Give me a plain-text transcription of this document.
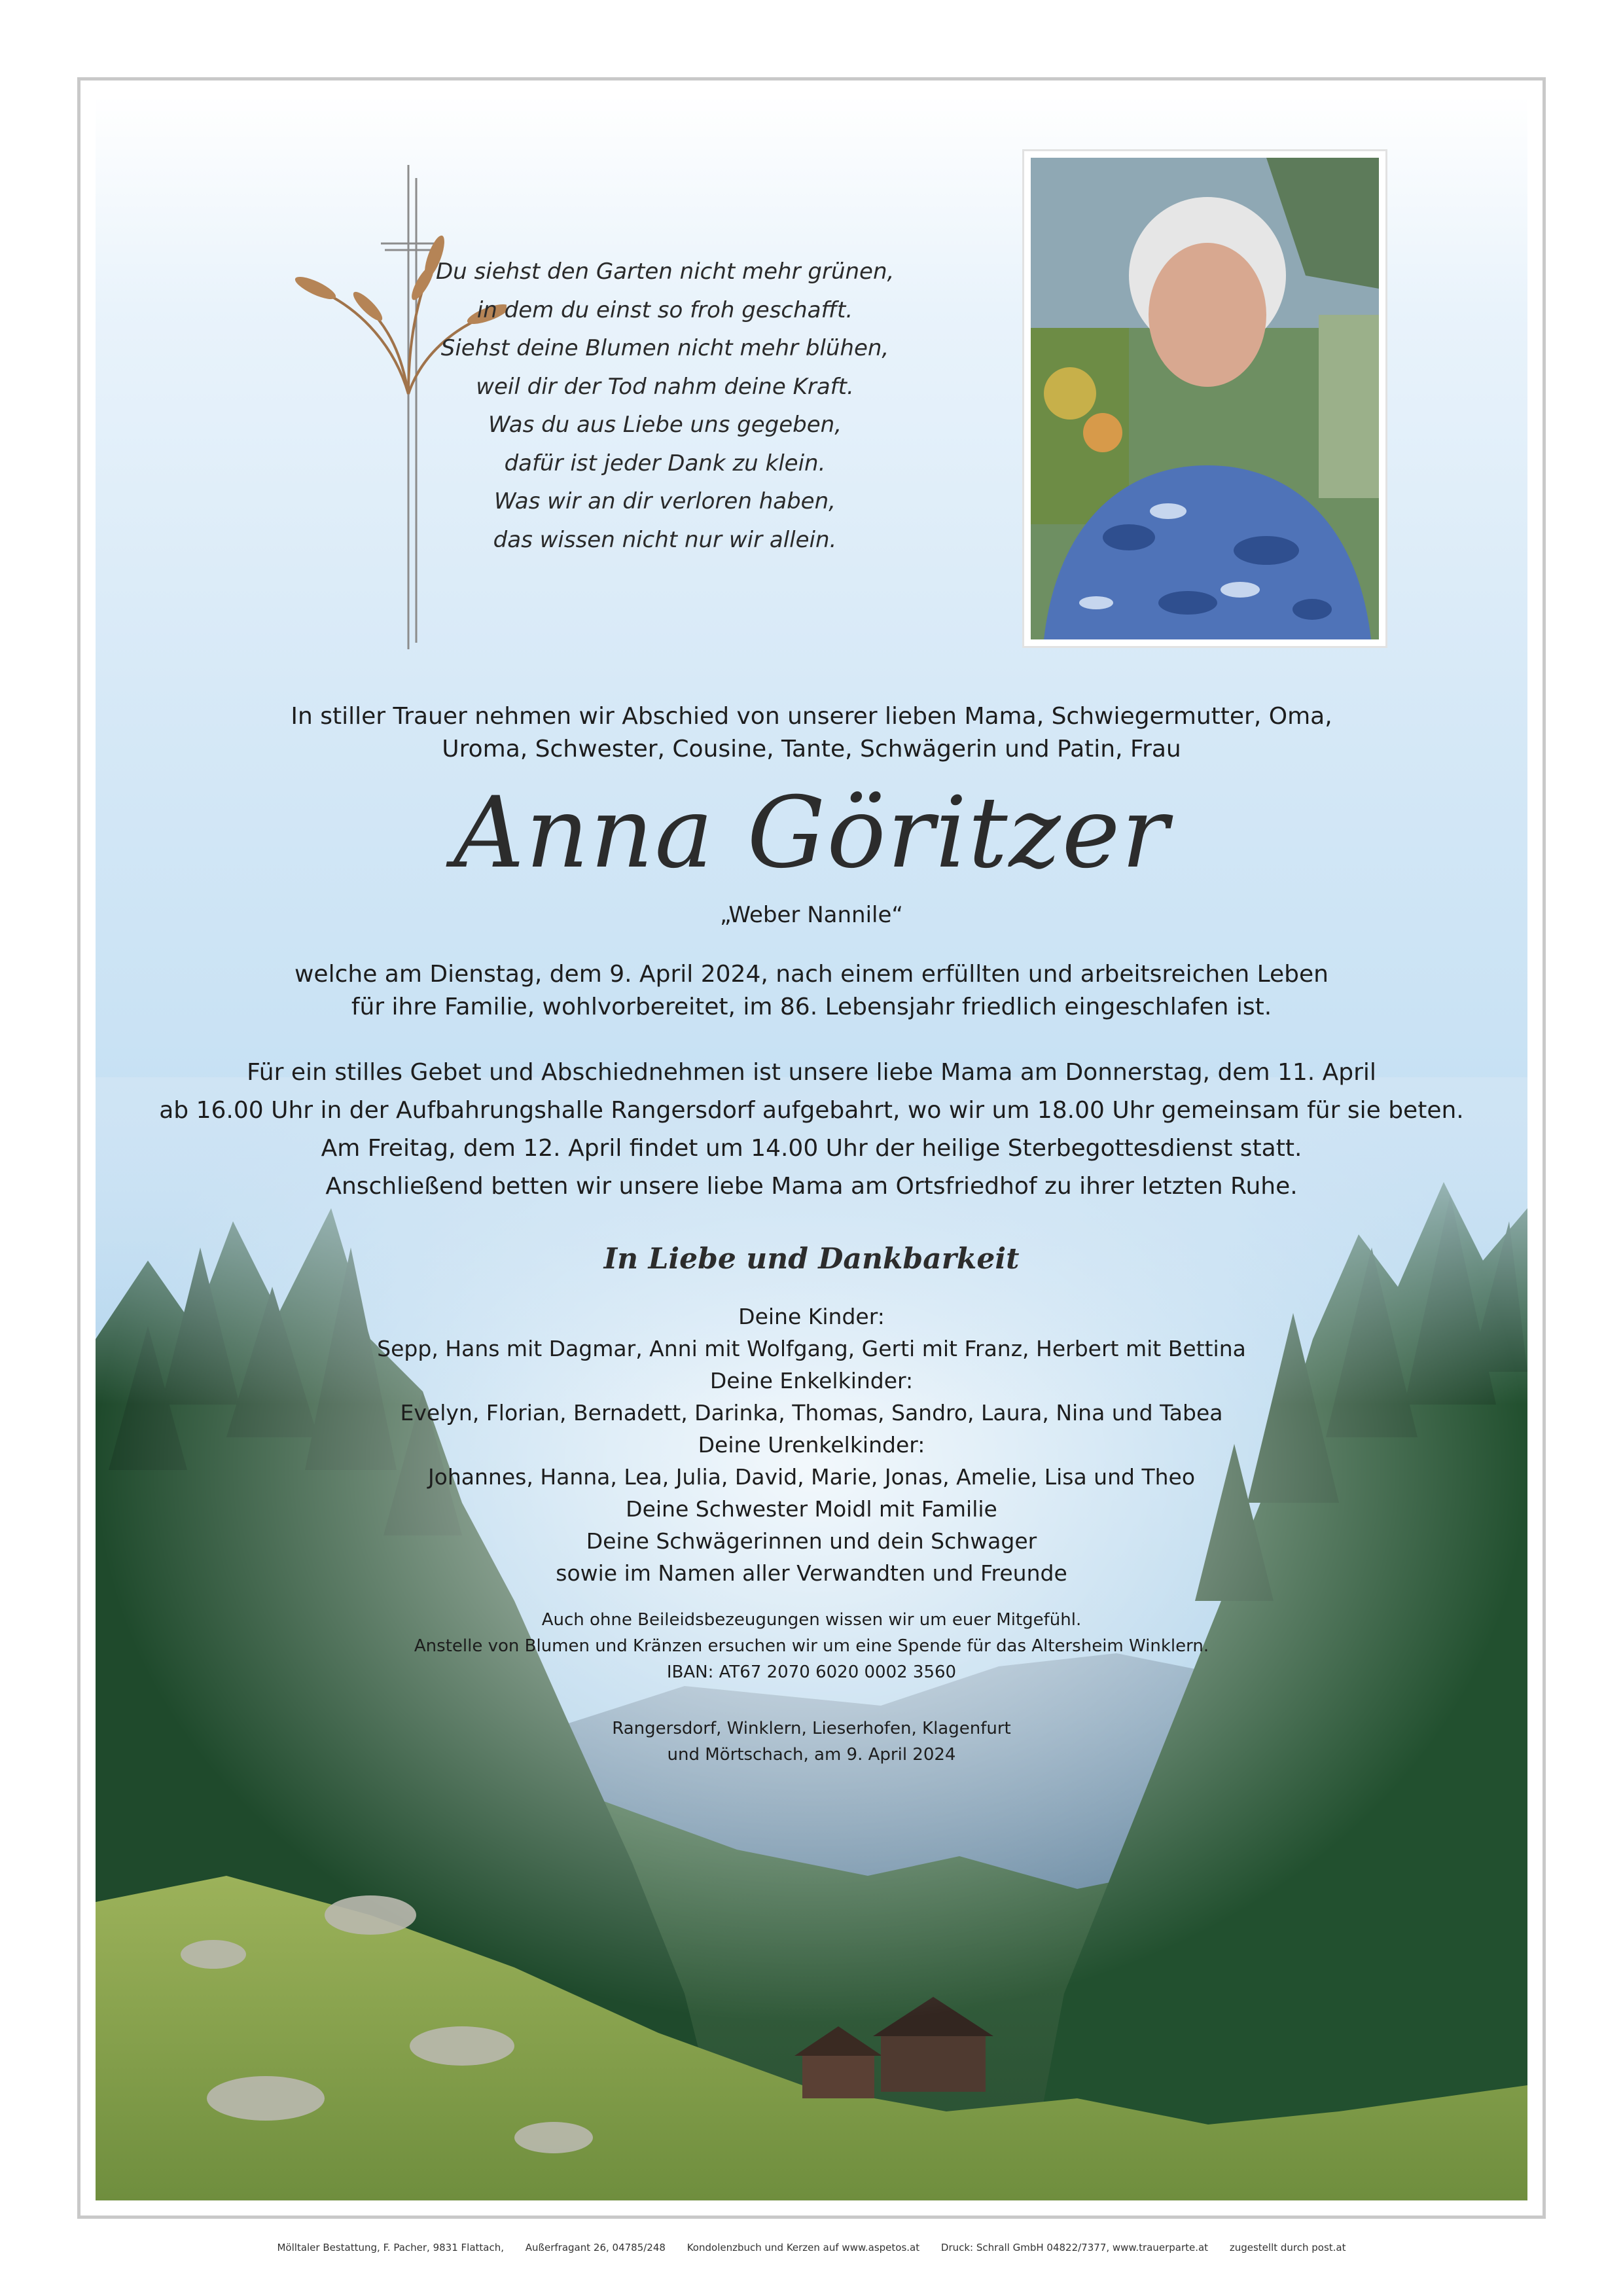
Du siehst den Garten nicht mehr grünen,
in dem du einst so froh geschafft.
Siehst deine Blumen nicht mehr blühen,
weil dir der Tod nahm deine Kraft.
Was du aus Liebe uns gegeben,
dafür ist jeder Dank zu klein.
Was wir an dir verloren haben,
das wissen nicht nur wir allein.
In stiller Trauer nehmen wir Abschied von unserer lieben Mama, Schwiegermutter, Oma,
Uroma, Schwester, Cousine, Tante, Schwägerin und Patin, Frau
Anna Göritzer
„Weber Nannile“
welche am Dienstag, dem 9. April 2024, nach einem erfüllten und arbeitsreichen Leben
für ihre Familie, wohlvorbereitet, im 86. Lebensjahr friedlich eingeschlafen ist.
Für ein stilles Gebet und Abschiednehmen ist unsere liebe Mama am Donnerstag, dem 11. April
ab 16.00 Uhr in der Aufbahrungshalle Rangersdorf aufgebahrt, wo wir um 18.00 Uhr gemeinsam für sie beten.
Am Freitag, dem 12. April findet um 14.00 Uhr der heilige Sterbegottesdienst statt.
Anschließend betten wir unsere liebe Mama am Ortsfriedhof zu ihrer letzten Ruhe.
In Liebe und Dankbarkeit
Deine Kinder:
Sepp, Hans mit Dagmar, Anni mit Wolfgang, Gerti mit Franz, Herbert mit Bettina
Deine Enkelkinder:
Evelyn, Florian, Bernadett, Darinka, Thomas, Sandro, Laura, Nina und Tabea
Deine Urenkelkinder:
Johannes, Hanna, Lea, Julia, David, Marie, Jonas, Amelie, Lisa und Theo
Deine Schwester Moidl mit Familie
Deine Schwägerinnen und dein Schwager
sowie im Namen aller Verwandten und Freunde
Auch ohne Beileidsbezeugungen wissen wir um euer Mitgefühl.
Anstelle von Blumen und Kränzen ersuchen wir um eine Spende für das Altersheim Winklern.
IBAN: AT67 2070 6020 0002 3560
Rangersdorf, Winklern, Lieserhofen, Klagenfurt
und Mörtschach, am 9. April 2024
Mölltaler Bestattung, F. Pacher, 9831 Flattach, Außerfragant 26, 04785/248 Kondolenzbuch und Kerzen auf www.aspetos.at Druck: Schrall GmbH 04822/7377, www.trauerparte.at zugestellt durch post.at
